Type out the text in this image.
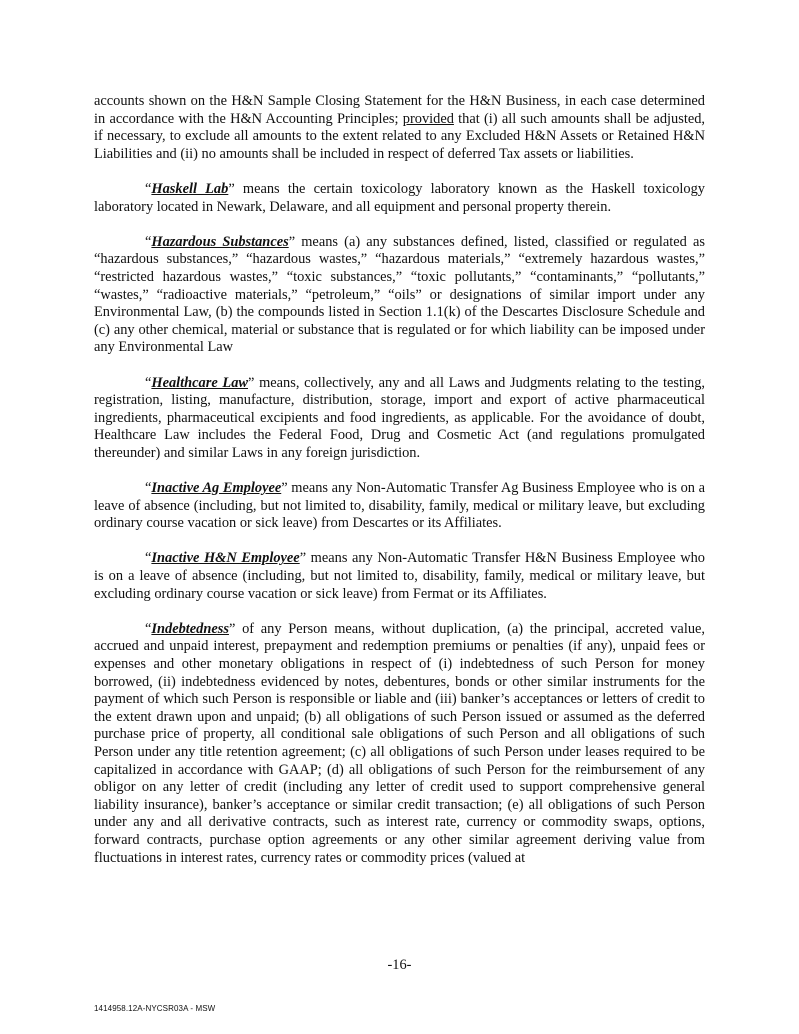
accounts shown on the H&N Sample Closing Statement for the H&N Business, in each case determined in accordance with the H&N Accounting Principles; provided that (i) all such amounts shall be adjusted, if necessary, to exclude all amounts to the extent related to any Excluded H&N Assets or Retained H&N Liabilities and (ii) no amounts shall be included in respect of deferred Tax assets or liabilities.

“Haskell Lab” means the certain toxicology laboratory known as the Haskell toxicology laboratory located in Newark, Delaware, and all equipment and personal property therein.

“Hazardous Substances” means (a) any substances defined, listed, classified or regulated as “hazardous substances,” “hazardous wastes,” “hazardous materials,” “extremely hazardous wastes,” “restricted hazardous wastes,” “toxic substances,” “toxic pollutants,” “contaminants,” “pollutants,” “wastes,” “radioactive materials,” “petroleum,” “oils” or designations of similar import under any Environmental Law, (b) the compounds listed in Section 1.1(k) of the Descartes Disclosure Schedule and (c) any other chemical, material or substance that is regulated or for which liability can be imposed under any Environmental Law

“Healthcare Law” means, collectively, any and all Laws and Judgments relating to the testing, registration, listing, manufacture, distribution, storage, import and export of active pharmaceutical ingredients, pharmaceutical excipients and food ingredients, as applicable. For the avoidance of doubt, Healthcare Law includes the Federal Food, Drug and Cosmetic Act (and regulations promulgated thereunder) and similar Laws in any foreign jurisdiction.

“Inactive Ag Employee” means any Non-Automatic Transfer Ag Business Employee who is on a leave of absence (including, but not limited to, disability, family, medical or military leave, but excluding ordinary course vacation or sick leave) from Descartes or its Affiliates.

“Inactive H&N Employee” means any Non-Automatic Transfer H&N Business Employee who is on a leave of absence (including, but not limited to, disability, family, medical or military leave, but excluding ordinary course vacation or sick leave) from Fermat or its Affiliates.

“Indebtedness” of any Person means, without duplication, (a) the principal, accreted value, accrued and unpaid interest, prepayment and redemption premiums or penalties (if any), unpaid fees or expenses and other monetary obligations in respect of (i) indebtedness of such Person for money borrowed, (ii) indebtedness evidenced by notes, debentures, bonds or other similar instruments for the payment of which such Person is responsible or liable and (iii) banker’s acceptances or letters of credit to the extent drawn upon and unpaid; (b) all obligations of such Person issued or assumed as the deferred purchase price of property, all conditional sale obligations of such Person and all obligations of such Person under any title retention agreement; (c) all obligations of such Person under leases required to be capitalized in accordance with GAAP; (d) all obligations of such Person for the reimbursement of any obligor on any letter of credit (including any letter of credit used to support comprehensive general liability insurance), banker’s acceptance or similar credit transaction; (e) all obligations of such Person under any and all derivative contracts, such as interest rate, currency or commodity swaps, options, forward contracts, purchase option agreements or any other similar agreement deriving value from fluctuations in interest rates, currency rates or commodity prices (valued at

-16-
1414958.12A-NYCSR03A - MSW
